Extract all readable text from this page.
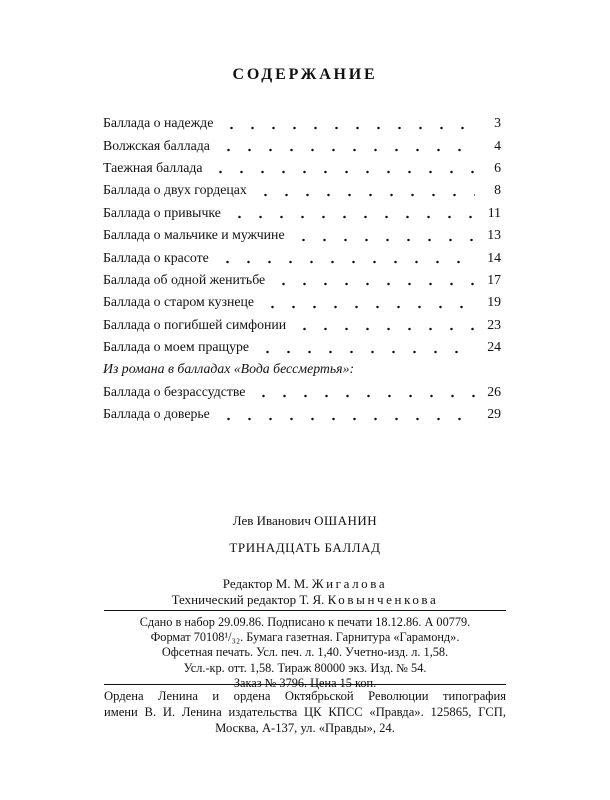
СОДЕРЖАНИЕ
Баллада о надежде	3
Волжская баллада	4
Таежная баллада	6
Баллада о двух гордецах	8
Баллада о привычке	11
Баллада о мальчике и мужчине	13
Баллада о красоте	14
Баллада об одной женитьбе	17
Баллада о старом кузнеце	19
Баллада о погибшей симфонии	23
Баллада о моем пращуре	24
Из романа в балладах «Вода бессмертья»:
Баллада о безрассудстве	26
Баллада о доверье	29
Лев Иванович ОШАНИН
ТРИНАДЦАТЬ БАЛЛАД
Редактор М. М. Жигалова
Технический редактор Т. Я. Ковынченкова
Сдано в набор 29.09.86. Подписано к печати 18.12.86. А 00779.
Формат 70108¹/₃₂. Бумага газетная. Гарнитура «Гарамонд».
Офсетная печать. Усл. печ. л. 1,40. Учетно-изд. л. 1,58.
Усл.-кр. отт. 1,58. Тираж 80000 экз. Изд. № 54.
Заказ № 3796. Цена 15 коп.
Ордена Ленина и ордена Октябрьской Революции типография
имени В. И. Ленина издательства ЦК КПСС «Правда». 125865, ГСП,
Москва, А-137, ул. «Правды», 24.
